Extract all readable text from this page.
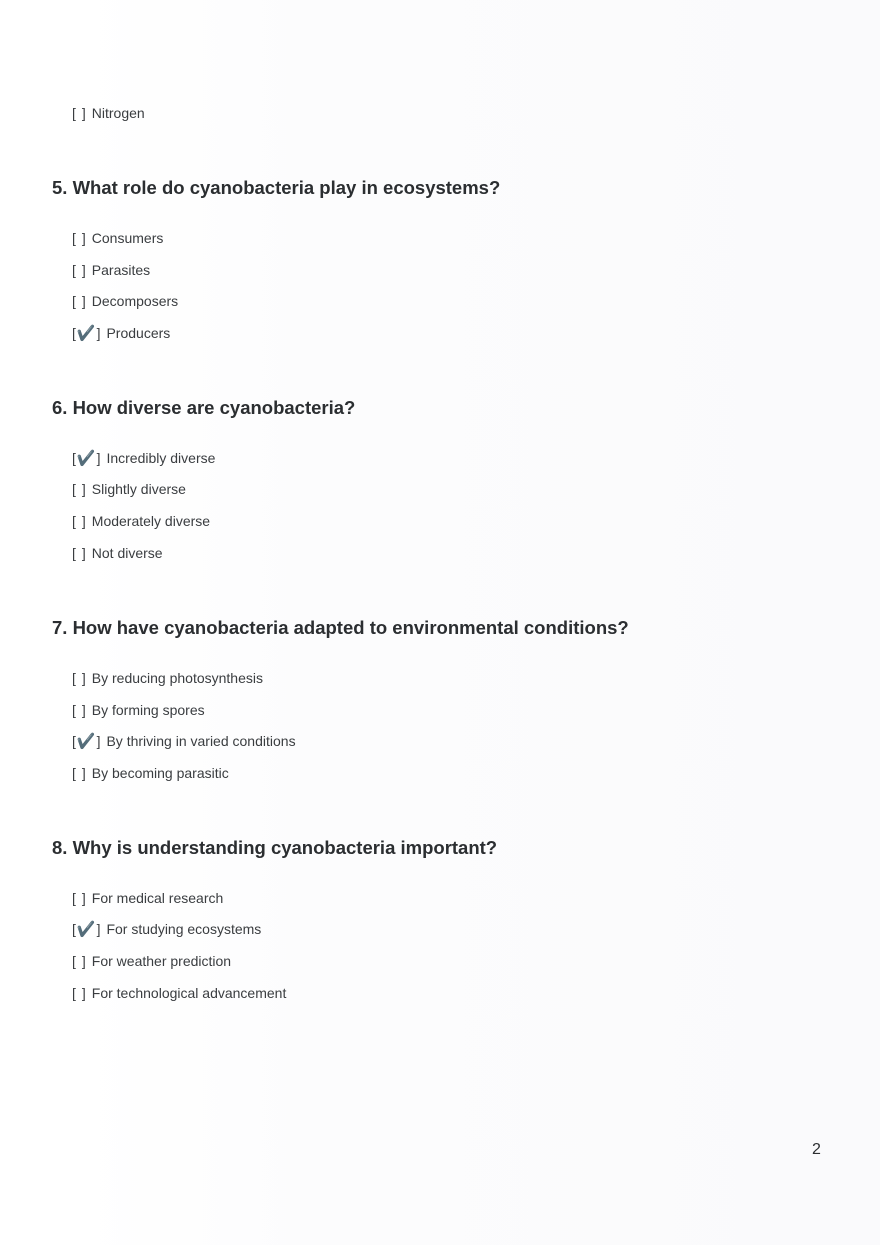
[ ] Nitrogen
5. What role do cyanobacteria play in ecosystems?
[ ] Consumers
[ ] Parasites
[ ] Decomposers
[✔️] Producers
6. How diverse are cyanobacteria?
[✔️] Incredibly diverse
[ ] Slightly diverse
[ ] Moderately diverse
[ ] Not diverse
7. How have cyanobacteria adapted to environmental conditions?
[ ] By reducing photosynthesis
[ ] By forming spores
[✔️] By thriving in varied conditions
[ ] By becoming parasitic
8. Why is understanding cyanobacteria important?
[ ] For medical research
[✔️] For studying ecosystems
[ ] For weather prediction
[ ] For technological advancement
2
